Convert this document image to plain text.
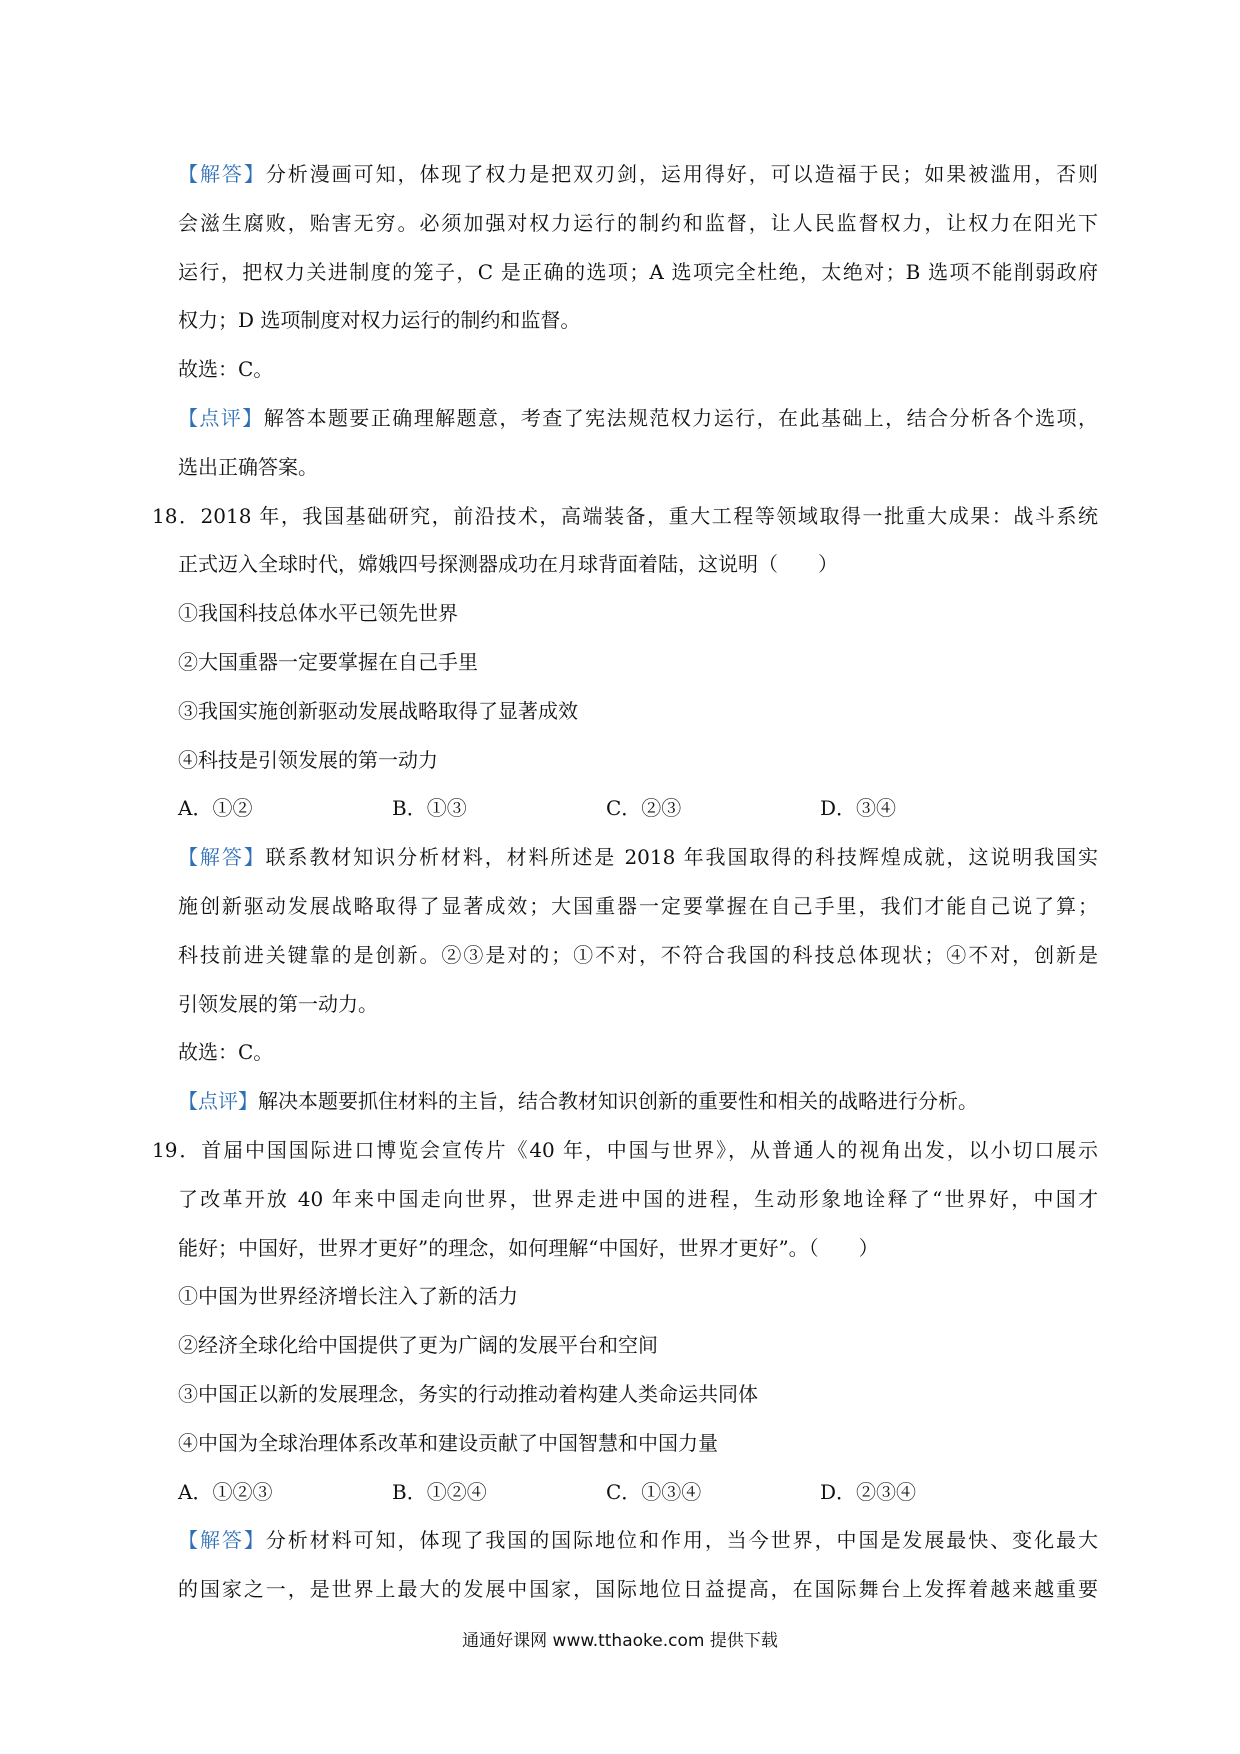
【解答】分析漫画可知，体现了权力是把双刃剑，运用得好，可以造福于民；如果被滥用，否则
会滋生腐败，贻害无穷。必须加强对权力运行的制约和监督，让人民监督权力，让权力在阳光下
运行，把权力关进制度的笼子，C 是正确的选项；A 选项完全杜绝，太绝对；B 选项不能削弱政府
权力；D 选项制度对权力运行的制约和监督。
故选：C。
【点评】解答本题要正确理解题意，考查了宪法规范权力运行，在此基础上，结合分析各个选项，
选出正确答案。
18．2018 年，我国基础研究，前沿技术，高端装备，重大工程等领域取得一批重大成果：战斗系统
正式迈入全球时代，嫦娥四号探测器成功在月球背面着陆，这说明（　　）
①我国科技总体水平已领先世界
②大国重器一定要掌握在自己手里
③我国实施创新驱动发展战略取得了显著成效
④科技是引领发展的第一动力
A．①②	B．①③	C．②③	D．③④
【解答】联系教材知识分析材料，材料所述是 2018 年我国取得的科技辉煌成就，这说明我国实
施创新驱动发展战略取得了显著成效；大国重器一定要掌握在自己手里，我们才能自己说了算；
科技前进关键靠的是创新。②③是对的；①不对，不符合我国的科技总体现状；④不对，创新是
引领发展的第一动力。
故选：C。
【点评】解决本题要抓住材料的主旨，结合教材知识创新的重要性和相关的战略进行分析。
19．首届中国国际进口博览会宣传片《40 年，中国与世界》，从普通人的视角出发，以小切口展示
了改革开放 40 年来中国走向世界，世界走进中国的进程，生动形象地诠释了“世界好，中国才
能好；中国好，世界才更好”的理念，如何理解“中国好，世界才更好”。（　　）
①中国为世界经济增长注入了新的活力
②经济全球化给中国提供了更为广阔的发展平台和空间
③中国正以新的发展理念，务实的行动推动着构建人类命运共同体
④中国为全球治理体系改革和建设贡献了中国智慧和中国力量
A．①②③	B．①②④	C．①③④	D．②③④
【解答】分析材料可知，体现了我国的国际地位和作用，当今世界，中国是发展最快、变化最大
的国家之一，是世界上最大的发展中国家，国际地位日益提高，在国际舞台上发挥着越来越重要
通通好课网 www.tthaoke.com 提供下载
